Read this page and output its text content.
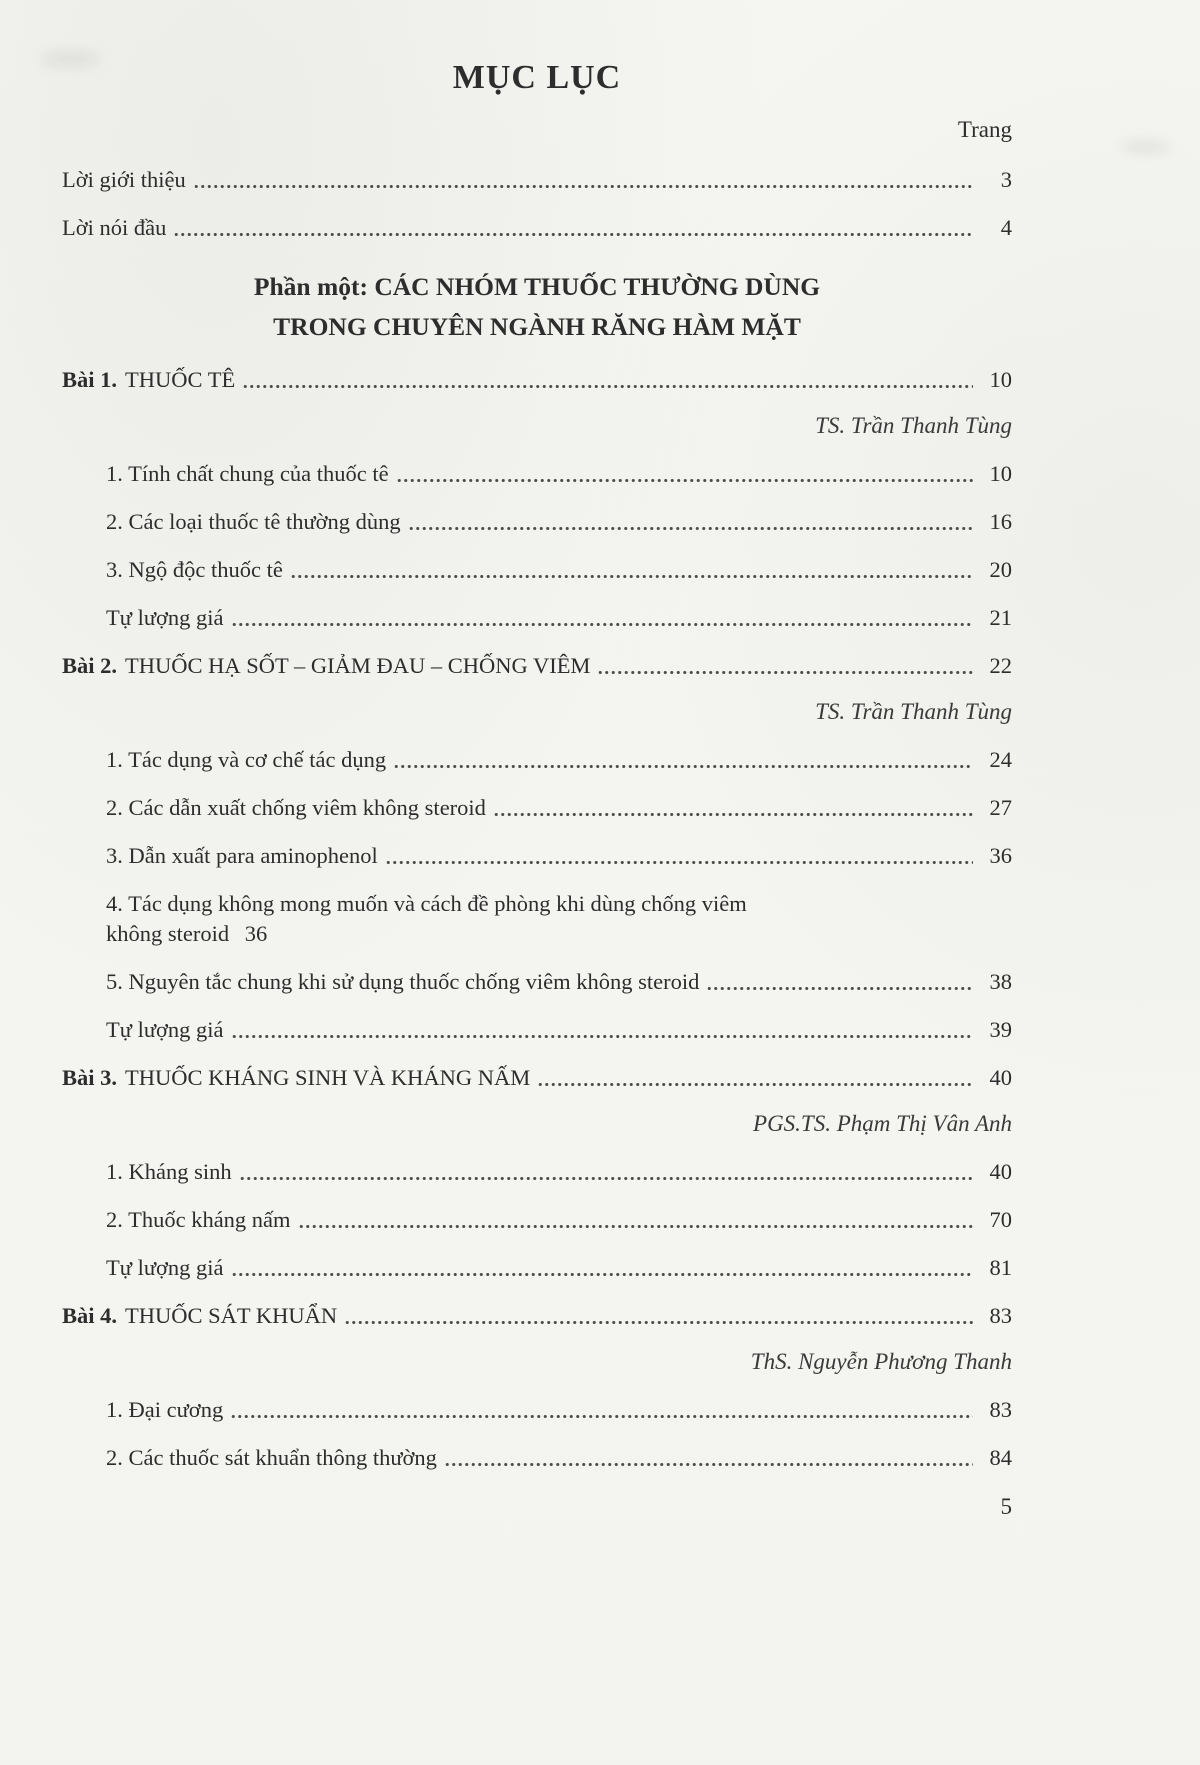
MỤC LỤC
Trang
Lời giới thiệu	3
Lời nói đầu	4
Phần một: CÁC NHÓM THUỐC THƯỜNG DÙNG
TRONG CHUYÊN NGÀNH RĂNG HÀM MẶT
Bài 1. THUỐC TÊ	10
TS. Trần Thanh Tùng
1. Tính chất chung của thuốc tê	10
2. Các loại thuốc tê thường dùng	16
3. Ngộ độc thuốc tê	20
Tự lượng giá	21
Bài 2. THUỐC HẠ SỐT – GIẢM ĐAU – CHỐNG VIÊM	22
TS. Trần Thanh Tùng
1. Tác dụng và cơ chế tác dụng	24
2. Các dẫn xuất chống viêm không steroid	27
3. Dẫn xuất para aminophenol	36
4. Tác dụng không mong muốn và cách đề phòng khi dùng chống viêm
không steroid 36
5. Nguyên tắc chung khi sử dụng thuốc chống viêm không steroid	38
Tự lượng giá	39
Bài 3. THUỐC KHÁNG SINH VÀ KHÁNG NẤM	40
PGS.TS. Phạm Thị Vân Anh
1. Kháng sinh	40
2. Thuốc kháng nấm	70
Tự lượng giá	81
Bài 4. THUỐC SÁT KHUẨN	83
ThS. Nguyễn Phương Thanh
1. Đại cương	83
2. Các thuốc sát khuẩn thông thường	84
5
